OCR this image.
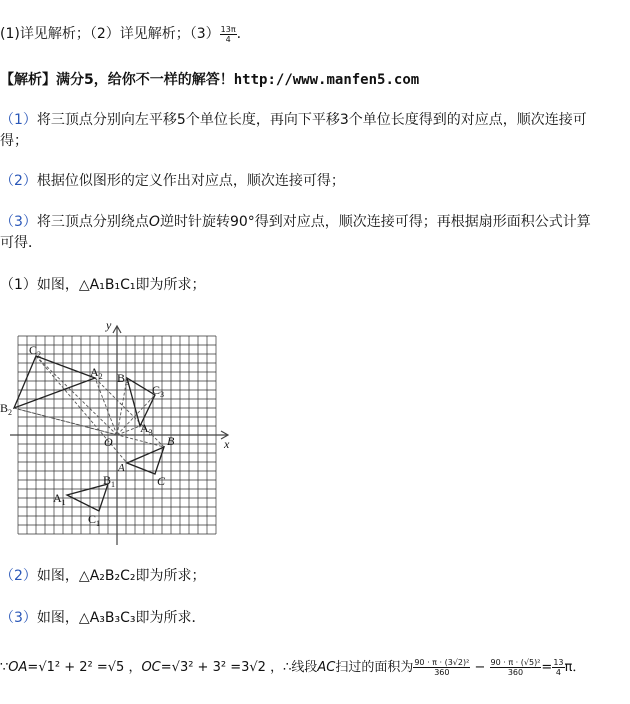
(1)详见解析；（2）详见解析；$(3) \frac{13\pi}{4}$ .
【解析】满分5，给你不一样的解答！http://www.manfen5.com
（1）将三顶点分别向左平移5个单位长度，再向下平移3个单位长度得到的对应点，顺次连接可
得；
（2）根据位似图形的定义作出对应点，顺次连接可得；
（3）将三顶点分别绕点O逆时针旋转90°得到对应点，顺次连接可得；再根据扇形面积公式计算
可得．
（1）如图，△A₁B₁C₁即为所求；
x
y
O
A
B
C
$A_1$
$B_1$
$C_1$
$A_2$
$B_2$
$C_2$
$A_3$
$B_3$
$C_3$
（2）如图，△A₂B₂C₂即为所求；
（3）如图，△A₃B₃C₃即为所求．
∵OA=√1² + 2² =√5 ，OC=√3² + 3² =3√2 ，∴线段AC扫过的面积为 $\frac{\text{90 · π · (3√2)²}}{360} - \frac{\text{90 · π · (√5)²}}{360} = \frac{13}{4}$ π．
